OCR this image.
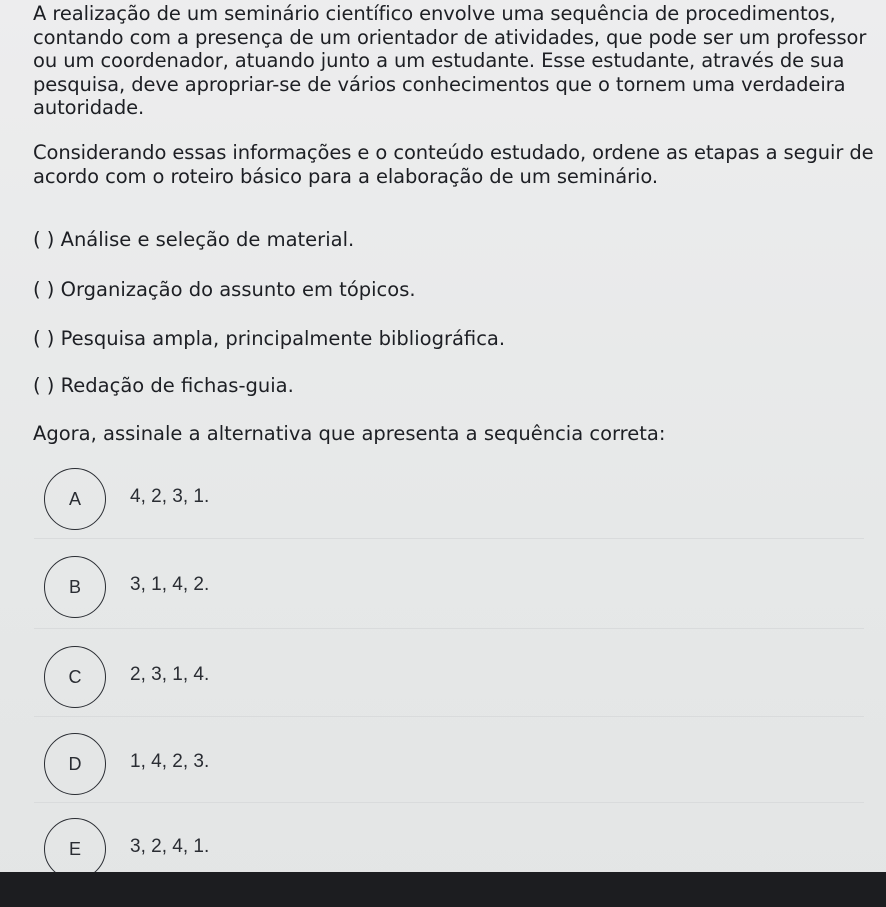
A realização de um seminário científico envolve uma sequência de procedimentos, contando com a presença de um orientador de atividades, que pode ser um professor ou um coordenador, atuando junto a um estudante. Esse estudante, através de sua pesquisa, deve apropriar-se de vários conhecimentos que o tornem uma verdadeira autoridade.
Considerando essas informações e o conteúdo estudado, ordene as etapas a seguir de acordo com o roteiro básico para a elaboração de um seminário.
( ) Análise e seleção de material.
( ) Organização do assunto em tópicos.
( ) Pesquisa ampla, principalmente bibliográfica.
( ) Redação de fichas-guia.
Agora, assinale a alternativa que apresenta a sequência correta:
A	4, 2, 3, 1.
B	3, 1, 4, 2.
C	2, 3, 1, 4.
D	1, 4, 2, 3.
E	3, 2, 4, 1.
